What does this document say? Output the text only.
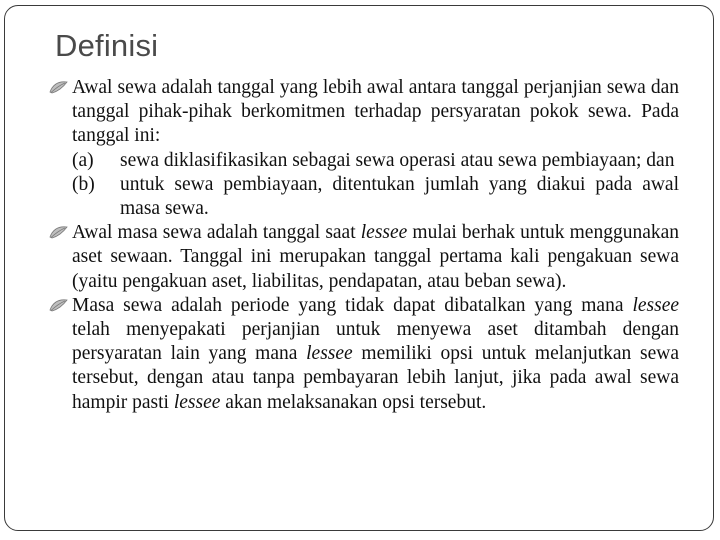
Definisi
Awal sewa adalah tanggal yang lebih awal antara tanggal perjanjian sewa dan tanggal pihak-pihak berkomitmen terhadap persyaratan pokok sewa. Pada tanggal ini:
(a) sewa diklasifikasikan sebagai sewa operasi atau sewa pembiayaan; dan
(b) untuk sewa pembiayaan, ditentukan jumlah yang diakui pada awal masa sewa.
Awal masa sewa adalah tanggal saat lessee mulai berhak untuk menggunakan aset sewaan. Tanggal ini merupakan tanggal pertama kali pengakuan sewa (yaitu pengakuan aset, liabilitas, pendapatan, atau beban sewa).
Masa sewa adalah periode yang tidak dapat dibatalkan yang mana lessee telah menyepakati perjanjian untuk menyewa aset ditambah dengan persyaratan lain yang mana lessee memiliki opsi untuk melanjutkan sewa tersebut, dengan atau tanpa pembayaran lebih lanjut, jika pada awal sewa hampir pasti lessee akan melaksanakan opsi tersebut.
